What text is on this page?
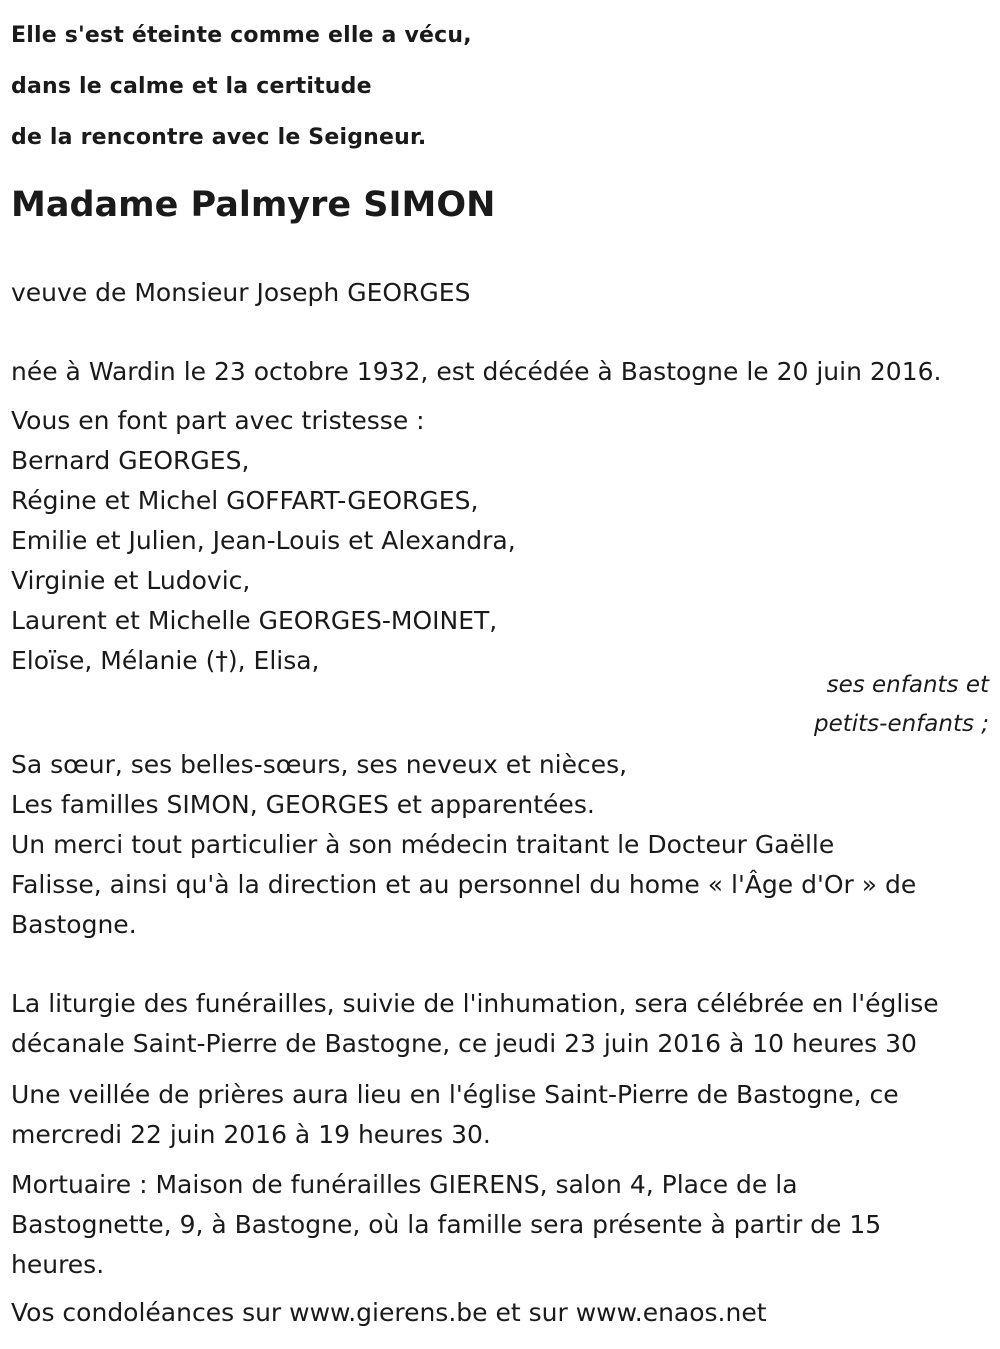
Elle s'est éteinte comme elle a vécu,
dans le calme et la certitude
de la rencontre avec le Seigneur.
Madame Palmyre SIMON
veuve de Monsieur Joseph GEORGES
née à Wardin le 23 octobre 1932, est décédée à Bastogne le 20 juin 2016.
Vous en font part avec tristesse :
Bernard GEORGES,
Régine et Michel GOFFART-GEORGES,
Emilie et Julien, Jean-Louis et Alexandra,
Virginie et Ludovic,
Laurent et Michelle GEORGES-MOINET,
Eloïse, Mélanie (†), Elisa,
ses enfants et
petits-enfants ;
Sa sœur, ses belles-sœurs, ses neveux et nièces,
Les familles SIMON, GEORGES et apparentées.
Un merci tout particulier à son médecin traitant le Docteur Gaëlle
Falisse, ainsi qu'à la direction et au personnel du home « l'Âge d'Or » de
Bastogne.
La liturgie des funérailles, suivie de l'inhumation, sera célébrée en l'église
décanale Saint-Pierre de Bastogne, ce jeudi 23 juin 2016 à 10 heures 30
Une veillée de prières aura lieu en l'église Saint-Pierre de Bastogne, ce
mercredi 22 juin 2016 à 19 heures 30.
Mortuaire : Maison de funérailles GIERENS, salon 4, Place de la
Bastognette, 9, à Bastogne, où la famille sera présente à partir de 15
heures.
Vos condoléances sur www.gierens.be et sur www.enaos.net
